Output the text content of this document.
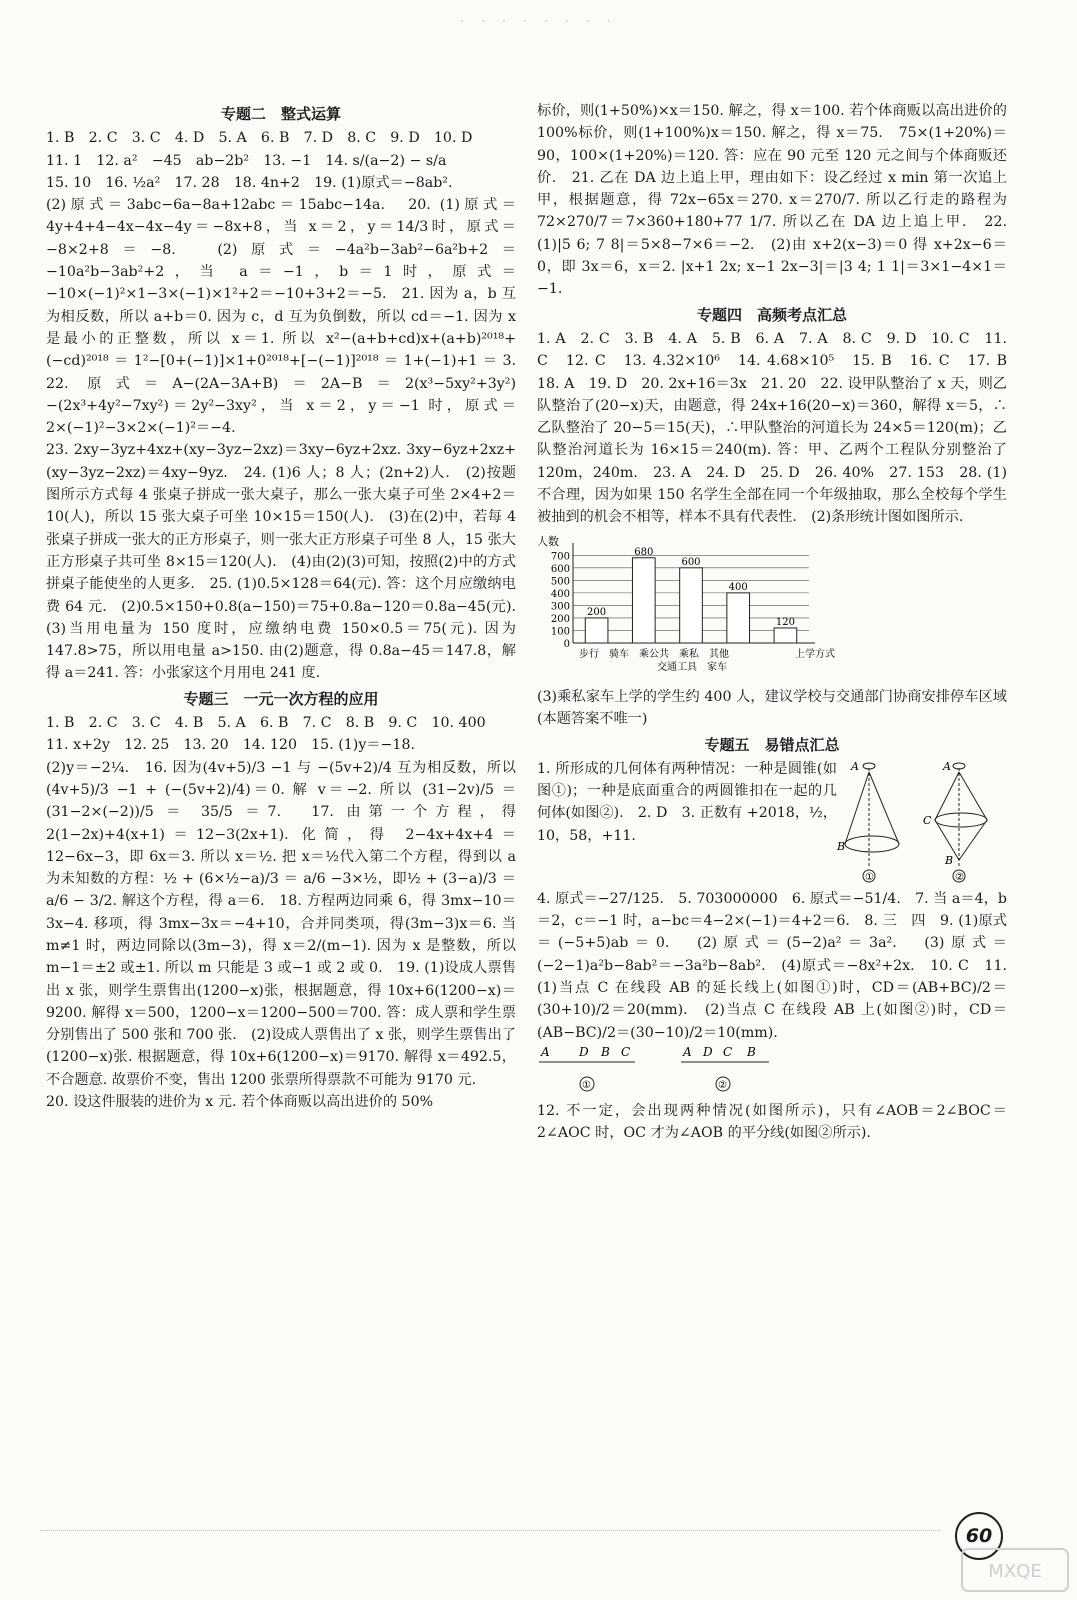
· · · · · · · ·
专题二　整式运算

1. B　2. C　3. C　4. D　5. A　6. B　7. D　8. C　9. D　10. D

11. 1　12. a²　−45　ab−2b²　13. −1　14. s/(a−2) − s/a

15. 10　16. ½a²　17. 28　18. 4n+2　19. (1)原式＝−8ab².

(2)原式＝3abc−6a−8a+12abc＝15abc−14a.　20. (1)原式＝4y+4+4−4x−4x−4y＝−8x+8，当 x＝2，y＝14/3时，原式＝−8×2+8＝−8.　(2)原式＝−4a²b−3ab²−6a²b+2＝−10a²b−3ab²+2，当 a＝−1，b＝1时，原式＝−10×(−1)²×1−3×(−1)×1²+2＝−10+3+2＝−5.　21. 因为 a，b 互为相反数，所以 a+b＝0. 因为 c，d 互为负倒数，所以 cd＝−1. 因为 x 是最小的正整数，所以 x＝1. 所以 x²−(a+b+cd)x+(a+b)²⁰¹⁸+(−cd)²⁰¹⁸＝1²−[0+(−1)]×1+0²⁰¹⁸+[−(−1)]²⁰¹⁸＝1+(−1)+1＝3.　22. 原式＝A−(2A−3A+B)＝2A−B＝2(x³−5xy²+3y²)−(2x³+4y²−7xy²)＝2y²−3xy²，当 x＝2，y＝−1 时，原式＝2×(−1)²−3×2×(−1)²＝−4.

23. 2xy−3yz+4xz+(xy−3yz−2xz)＝3xy−6yz+2xz. 3xy−6yz+2xz+(xy−3yz−2xz)＝4xy−9yz.　24. (1)6 人；8 人；(2n+2)人.　(2)按题图所示方式每 4 张桌子拼成一张大桌子，那么一张大桌子可坐 2×4+2＝10(人)，所以 15 张大桌子可坐 10×15＝150(人).　(3)在(2)中，若每 4 张桌子拼成一张大的正方形桌子，则一张大正方形桌子可坐 8 人，15 张大正方形桌子共可坐 8×15＝120(人).　(4)由(2)(3)可知，按照(2)中的方式拼桌子能使坐的人更多.　25. (1)0.5×128＝64(元). 答：这个月应缴纳电费 64 元.　(2)0.5×150+0.8(a−150)＝75+0.8a−120＝0.8a−45(元).　(3)当用电量为 150 度时，应缴纳电费 150×0.5＝75(元). 因为 147.8>75，所以用电量 a>150. 由(2)题意，得 0.8a−45＝147.8，解得 a＝241. 答：小张家这个月用电 241 度.

专题三　一元一次方程的应用

1. B　2. C　3. C　4. B　5. A　6. B　7. C　8. B　9. C　10. 400

11. x+2y　12. 25　13. 20　14. 120　15. (1)y＝−18.

(2)y＝−2¼.　16. 因为(4v+5)/3 −1 与 −(5v+2)/4 互为相反数，所以(4v+5)/3 −1 + (−(5v+2)/4)＝0. 解 v＝−2. 所以 (31−2v)/5 ＝ (31−2×(−2))/5 ＝ 35/5 ＝7.　17. 由第一个方程，得 2(1−2x)+4(x+1)＝12−3(2x+1). 化简，得 2−4x+4x+4＝12−6x−3，即 6x＝3. 所以 x＝½. 把 x＝½代入第二个方程，得到以 a 为未知数的方程：½ + (6×½−a)/3 ＝ a/6 −3×½，即½ + (3−a)/3 ＝ a/6 − 3/2. 解这个方程，得 a＝6.　18. 方程两边同乘 6，得 3mx−10＝3x−4. 移项，得 3mx−3x＝−4+10，合并同类项，得(3m−3)x＝6. 当 m≠1 时，两边同除以(3m−3)，得 x＝2/(m−1). 因为 x 是整数，所以 m−1＝±2 或±1. 所以 m 只能是 3 或−1 或 2 或 0.　19. (1)设成人票售出 x 张，则学生票售出(1200−x)张，根据题意，得 10x+6(1200−x)＝9200. 解得 x＝500，1200−x＝1200−500＝700. 答：成人票和学生票分别售出了 500 张和 700 张.　(2)设成人票售出了 x 张，则学生票售出了(1200−x)张. 根据题意，得 10x+6(1200−x)＝9170. 解得 x＝492.5，不合题意. 故票价不变，售出 1200 张票所得票款不可能为 9170 元.

20. 设这件服装的进价为 x 元. 若个体商贩以高出进价的 50%

标价，则(1+50%)×x＝150. 解之，得 x＝100. 若个体商贩以高出进价的 100%标价，则(1+100%)x＝150. 解之，得 x＝75.　75×(1+20%)＝90，100×(1+20%)＝120. 答：应在 90 元至 120 元之间与个体商贩还价.　21. 乙在 DA 边上追上甲，理由如下：设乙经过 x min 第一次追上甲，根据题意，得 72x−65x＝270. x＝270/7. 所以乙行走的路程为 72×270/7＝7×360+180+77 1/7. 所以乙在 DA 边上追上甲.　22. (1)|5 6; 7 8|＝5×8−7×6＝−2.　(2)由 x+2(x−3)＝0 得 x+2x−6＝0，即 3x＝6，x＝2. |x+1 2x; x−1 2x−3|＝|3 4; 1 1|＝3×1−4×1＝−1.

专题四　高频考点汇总

1. A　2. C　3. B　4. A　5. B　6. A　7. A　8. C　9. D　10. C　11. C　12. C　13. 4.32×10⁶　14. 4.68×10⁵　15. B　16. C　17. B　18. A　19. D　20. 2x+16＝3x　21. 20　22. 设甲队整治了 x 天，则乙队整治了(20−x)天，由题意，得 24x+16(20−x)＝360，解得 x＝5，∴乙队整治了 20−5＝15(天)，∴甲队整治的河道长为 24×5＝120(m)；乙队整治河道长为 16×15＝240(m). 答：甲、乙两个工程队分别整治了 120m，240m.　23. A　24. D　25. D　26. 40%　27. 153　28. (1)不合理，因为如果 150 名学生全部在同一个年级抽取，那么全校每个学生被抽到的机会不相等，样本不具有代表性.　(2)条形统计图如图所示.

人数
0
100
200
300
400
500
600
700
200
680
600
400
120
步行　骑车　乘公共　乘私　其他
交通工具　家车
上学方式

(3)乘私家车上学的学生约 400 人，建议学校与交通部门协商安排停车区域(本题答案不唯一)

专题五　易错点汇总
1. 所形成的几何体有两种情况：一种是圆锥(如图①)；一种是底面重合的两圆锥扣在一起的几何体(如图②).　2. D　3. 正数有 +2018，½，10，58，+11.
A
B
①
A
C
B
②

4. 原式＝−27/125.　5. 703000000　6. 原式＝−51/4.　7. 当 a＝4，b＝2，c＝−1 时，a−bc＝4−2×(−1)＝4+2＝6.　8. 三　四　9. (1)原式＝(−5+5)ab＝0.　(2)原式＝(5−2)a²＝3a².　(3)原式＝(−2−1)a²b−8ab²＝−3a²b−8ab².　(4)原式＝−8x²+2x.　10. C　11. (1)当点 C 在线段 AB 的延长线上(如图①)时，CD＝(AB+BC)/2＝(30+10)/2＝20(mm).　(2)当点 C 在线段 AB 上(如图②)时，CD＝(AB−BC)/2＝(30−10)/2＝10(mm).

A D B C
①
A D C B
②

12. 不一定，会出现两种情况(如图所示)，只有∠AOB＝2∠BOC＝2∠AOC 时，OC 才为∠AOB 的平分线(如图②所示).

60
MXQE
